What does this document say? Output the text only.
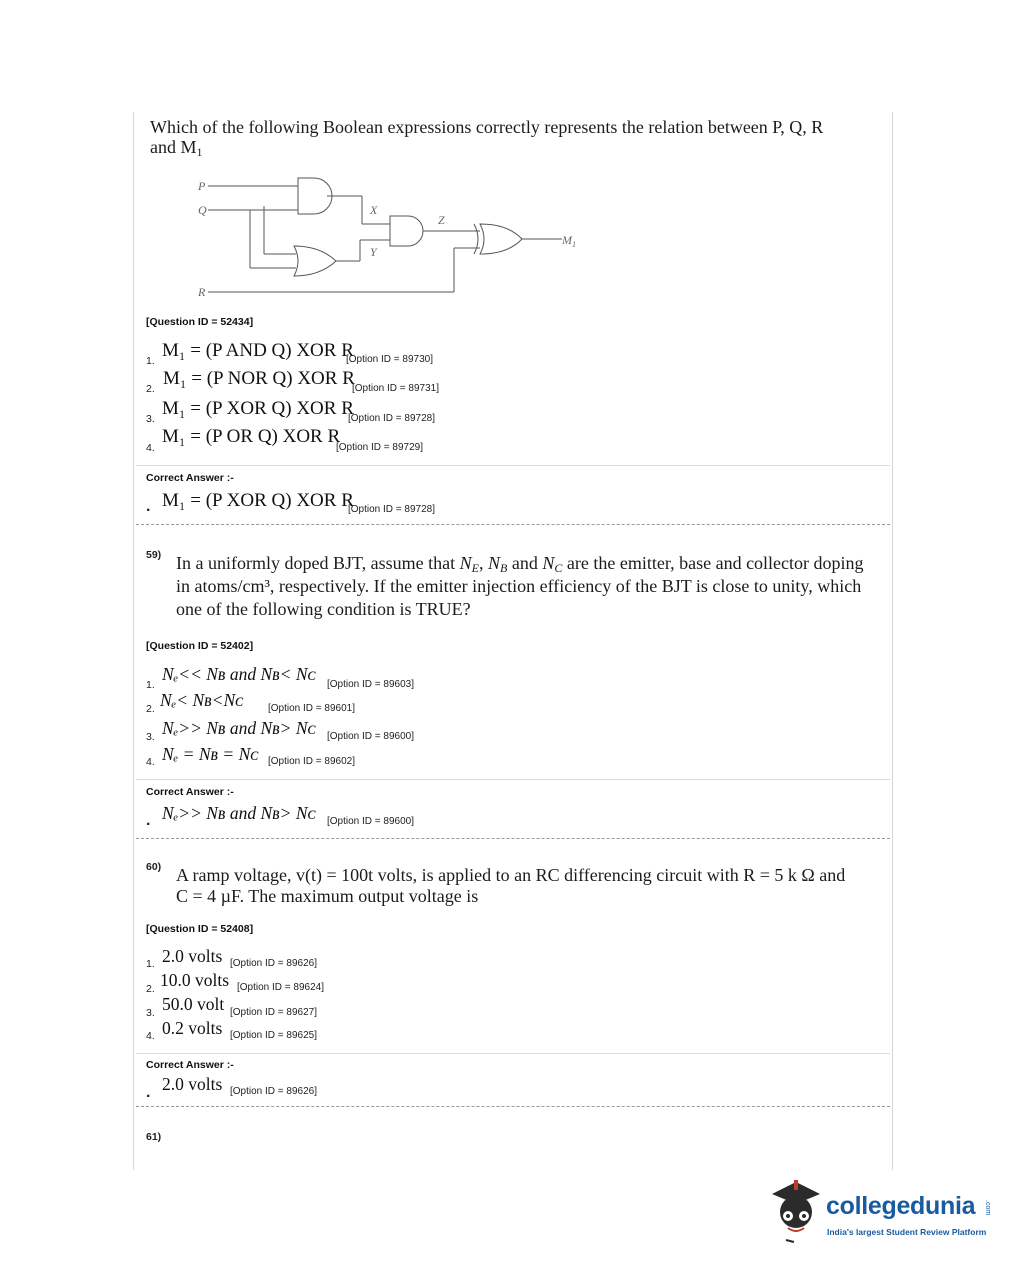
Which of the following Boolean expressions correctly represents the relation between P, Q, R
and M1
P
Q
R
X
Y
Z
M 1
[Question ID = 52434]
1. M₁ = (P AND Q) XOR R
[Option ID = 89730]
2. M₁ = (P NOR Q) XOR R
[Option ID = 89731]
3. M₁ = (P XOR Q) XOR R
[Option ID = 89728]
4.
M₁ = (P OR Q) XOR R
[Option ID = 89729]
Correct Answer :-
. M₁ = (P XOR Q) XOR R
[Option ID = 89728]
59) In a uniformly doped BJT, assume that $N_E$, $N_B$ and $N_C$ are the emitter, base and collector doping
in atoms/cm³, respectively. If the emitter injection efficiency of the BJT is close to unity, which
one of the following condition is TRUE?
[Question ID = 52402]
1.
Nₑ<< Nʙ and Nʙ< Nᴄ
[Option ID = 89603]
2. Nₑ< Nʙ<Nᴄ [Option ID = 89601]
3. Nₑ>> Nʙ and Nʙ> Nᴄ [Option ID = 89600]
4. Nₑ = Nʙ = Nᴄ [Option ID = 89602]
Correct Answer :-
. Nₑ>> Nʙ and Nʙ> Nᴄ [Option ID = 89600]
60) A ramp voltage, v(t) = 100t volts, is applied to an RC differencing circuit with R = 5 k Ω and
C = 4 µF. The maximum output voltage is
[Question ID = 52408]
1. 2.0 volts [Option ID = 89626]
2. 10.0 volts [Option ID = 89624]
3. 50.0 volt [Option ID = 89627]
4. 0.2 volts [Option ID = 89625]
Correct Answer :-
. 2.0 volts [Option ID = 89626]
61)
collegedunia .com
India's largest Student Review Platform
